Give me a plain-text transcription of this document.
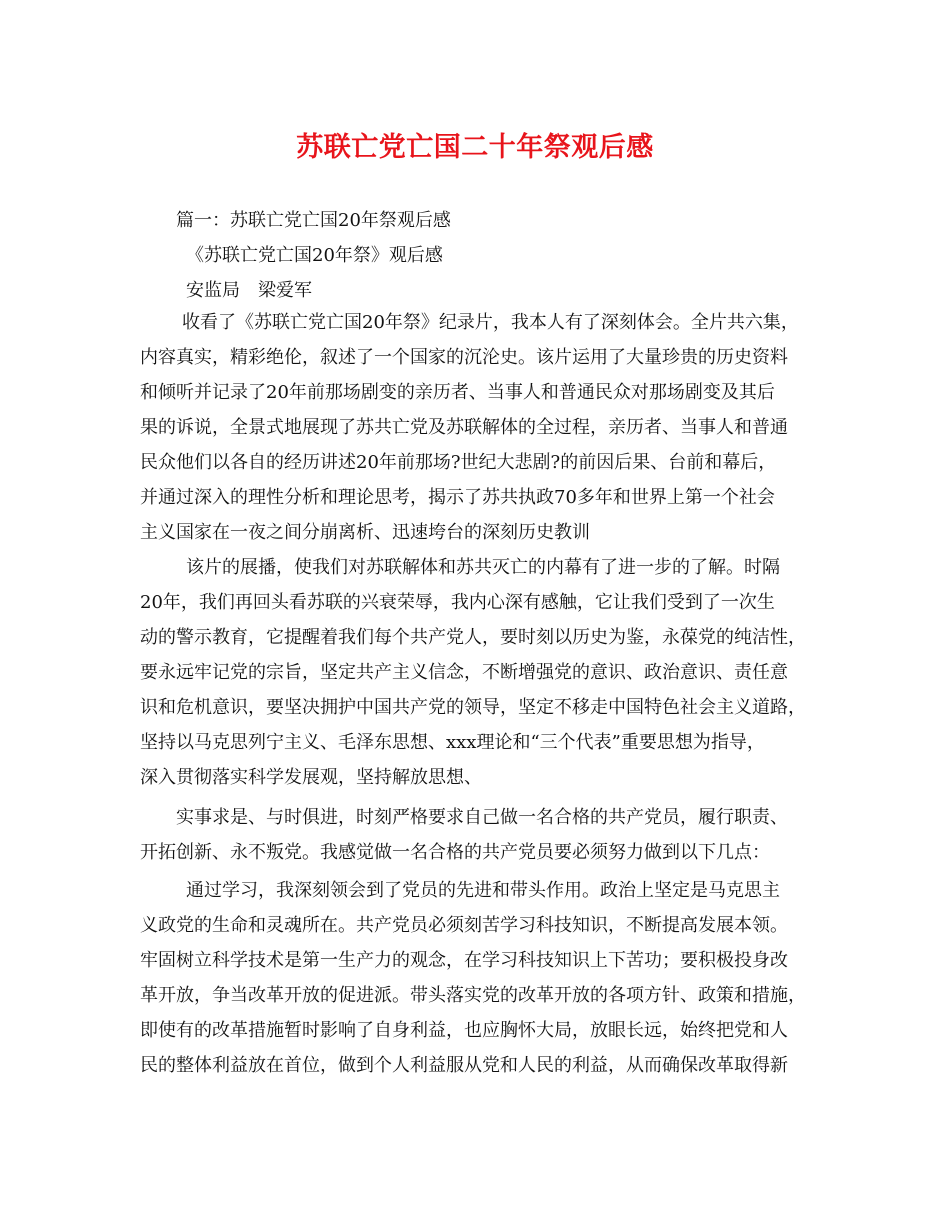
苏联亡党亡国二十年祭观后感
篇一：苏联亡党亡国20年祭观后感
《苏联亡党亡国20年祭》观后感
安监局　梁爱军
收看了《苏联亡党亡国20年祭》纪录片，我本人有了深刻体会。全片共六集，
内容真实，精彩绝伦，叙述了一个国家的沉沦史。该片运用了大量珍贵的历史资料
和倾听并记录了20年前那场剧变的亲历者、当事人和普通民众对那场剧变及其后
果的诉说，全景式地展现了苏共亡党及苏联解体的全过程，亲历者、当事人和普通
民众他们以各自的经历讲述20年前那场?世纪大悲剧?的前因后果、台前和幕后，
并通过深入的理性分析和理论思考，揭示了苏共执政70多年和世界上第一个社会
主义国家在一夜之间分崩离析、迅速垮台的深刻历史教训
该片的展播，使我们对苏联解体和苏共灭亡的内幕有了进一步的了解。时隔
20年，我们再回头看苏联的兴衰荣辱，我内心深有感触，它让我们受到了一次生
动的警示教育，它提醒着我们每个共产党人，要时刻以历史为鉴，永葆党的纯洁性，
要永远牢记党的宗旨，坚定共产主义信念，不断增强党的意识、政治意识、责任意
识和危机意识，要坚决拥护中国共产党的领导，坚定不移走中国特色社会主义道路，
坚持以马克思列宁主义、毛泽东思想、xxx理论和“三个代表”重要思想为指导，
深入贯彻落实科学发展观，坚持解放思想、
实事求是、与时俱进，时刻严格要求自己做一名合格的共产党员，履行职责、
开拓创新、永不叛党。我感觉做一名合格的共产党员要必须努力做到以下几点：
通过学习，我深刻领会到了党员的先进和带头作用。政治上坚定是马克思主
义政党的生命和灵魂所在。共产党员必须刻苦学习科技知识，不断提高发展本领。
牢固树立科学技术是第一生产力的观念，在学习科技知识上下苦功；要积极投身改
革开放，争当改革开放的促进派。带头落实党的改革开放的各项方针、政策和措施，
即使有的改革措施暂时影响了自身利益，也应胸怀大局，放眼长远，始终把党和人
民的整体利益放在首位，做到个人利益服从党和人民的利益，从而确保改革取得新
